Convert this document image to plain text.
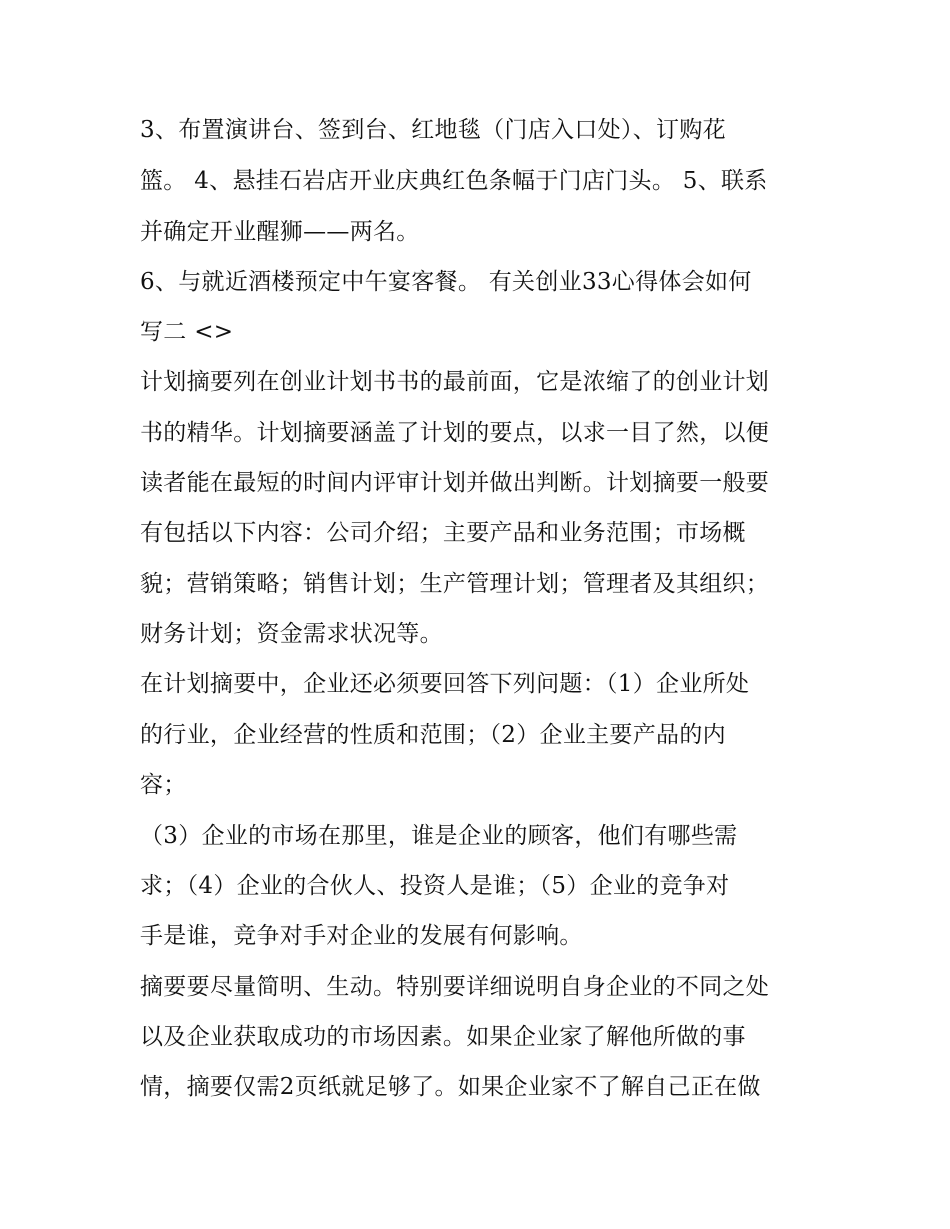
3、布置演讲台、签到台、红地毯（门店入口处）、订购花
篮。 4、悬挂石岩店开业庆典红色条幅于门店门头。 5、联系
并确定开业醒狮——两名。
6、与就近酒楼预定中午宴客餐。 有关创业33心得体会如何
写二 <>
计划摘要列在创业计划书书的最前面，它是浓缩了的创业计划
书的精华。计划摘要涵盖了计划的要点，以求一目了然，以便
读者能在最短的时间内评审计划并做出判断。计划摘要一般要
有包括以下内容：公司介绍；主要产品和业务范围；市场概
貌；营销策略；销售计划；生产管理计划；管理者及其组织；
财务计划；资金需求状况等。
在计划摘要中，企业还必须要回答下列问题：（1）企业所处
的行业，企业经营的性质和范围；（2）企业主要产品的内
容；
（3）企业的市场在那里，谁是企业的顾客，他们有哪些需
求；（4）企业的合伙人、投资人是谁；（5）企业的竞争对
手是谁，竞争对手对企业的发展有何影响。
摘要要尽量简明、生动。特别要详细说明自身企业的不同之处
以及企业获取成功的市场因素。如果企业家了解他所做的事
情，摘要仅需2页纸就足够了。如果企业家不了解自己正在做
